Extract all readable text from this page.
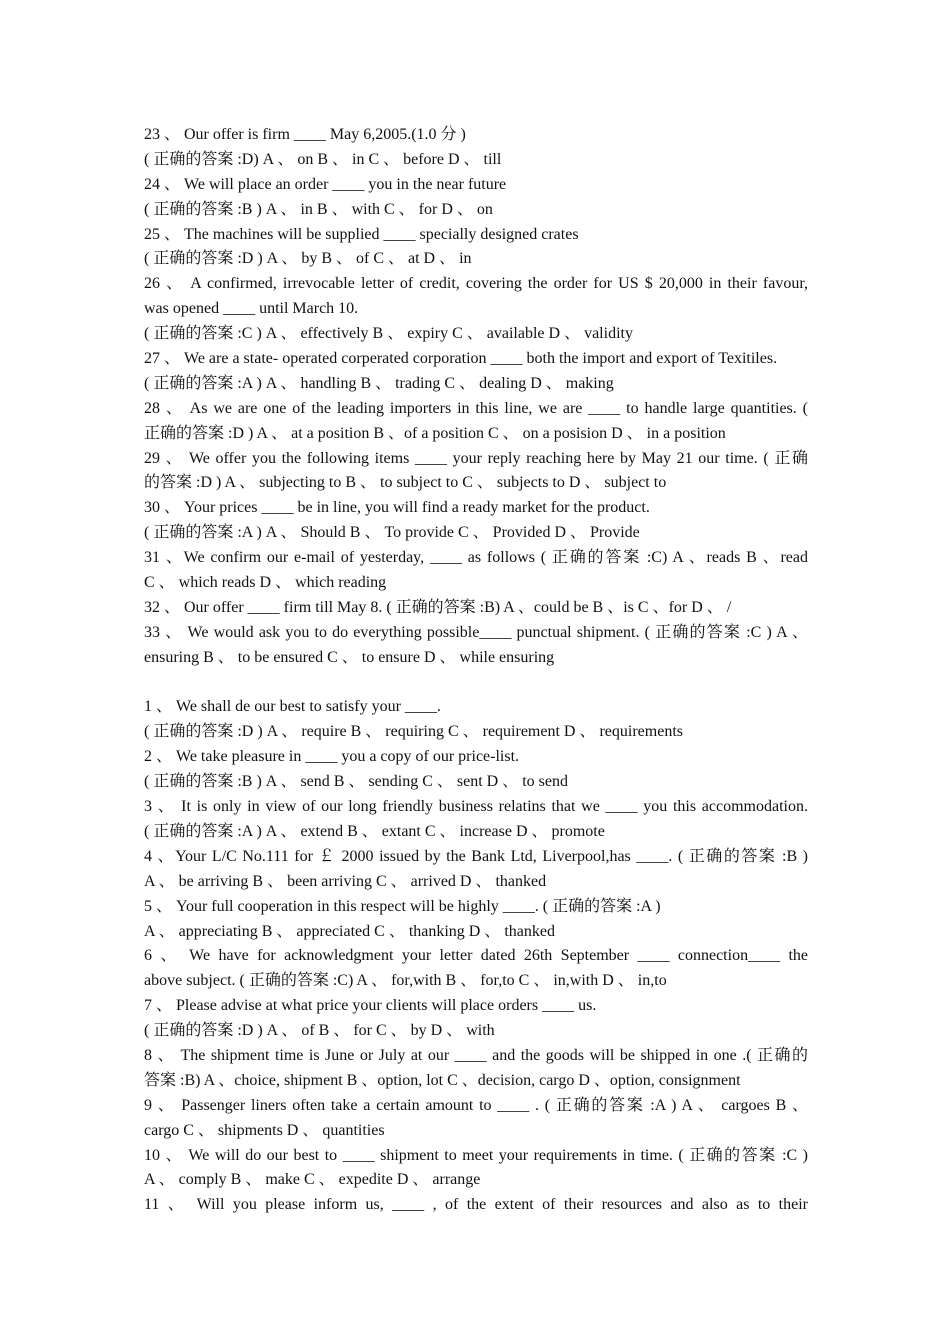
23 、 Our offer is firm ____ May 6,2005.(1.0 分 )
( 正确的答案 :D) A 、 on B 、 in C 、 before D 、 till
24 、 We will place an order ____ you in the near future
( 正确的答案 :B ) A 、 in B 、 with C 、 for D 、 on
25 、 The machines will be supplied ____ specially designed crates
( 正确的答案 :D ) A 、 by B 、 of C 、 at D 、 in
26 、 A confirmed, irrevocable letter of credit, covering the order for US $ 20,000 in their favour,
was opened ____ until March 10.
( 正确的答案 :C ) A 、 effectively B 、 expiry C 、 available D 、 validity
27 、 We are a state- operated corperated corporation ____ both the import and export of Texitiles.
( 正确的答案 :A ) A 、 handling B 、 trading C 、 dealing D 、 making
28 、 As we are one of the leading importers in this line, we are ____ to handle large quantities. (
正确的答案 :D ) A 、 at a position B 、of a position C 、 on a posision D 、 in a position
29 、 We offer you the following items ____ your reply reaching here by May 21 our time. ( 正确
的答案 :D ) A 、 subjecting to B 、 to subject to C 、 subjects to D 、 subject to
30 、 Your prices ____ be in line, you will find a ready market for the product.
( 正确的答案 :A ) A 、 Should B 、 To provide C 、 Provided D 、 Provide
31 、We confirm our e-mail of yesterday, ____ as follows ( 正确的答案 :C) A 、reads B 、read
C 、 which reads D 、 which reading
32 、 Our offer ____ firm till May 8. ( 正确的答案 :B) A 、could be B 、is C 、for D 、 /
33 、 We would ask you to do everything possible____ punctual shipment. ( 正确的答案 :C ) A 、
ensuring B 、 to be ensured C 、 to ensure D 、 while ensuring
1 、 We shall de our best to satisfy your ____.
( 正确的答案 :D ) A 、 require B 、 requiring C 、 requirement D 、 requirements
2 、 We take pleasure in ____ you a copy of our price-list.
( 正确的答案 :B ) A 、 send B 、 sending C 、 sent D 、 to send
3 、 It is only in view of our long friendly business relatins that we ____ you this accommodation.
( 正确的答案 :A ) A 、 extend B 、 extant C 、 increase D 、 promote
4 、Your L/C No.111 for ￡ 2000 issued by the Bank Ltd, Liverpool,has ____. ( 正确的答案 :B )
A 、 be arriving B 、 been arriving C 、 arrived D 、 thanked
5 、 Your full cooperation in this respect will be highly ____. ( 正确的答案 :A )
A 、 appreciating B 、 appreciated C 、 thanking D 、 thanked
6 、 We have for acknowledgment your letter dated 26th September ____ connection____ the
above subject. ( 正确的答案 :C) A 、 for,with B 、 for,to C 、 in,with D 、 in,to
7 、 Please advise at what price your clients will place orders ____ us.
( 正确的答案 :D ) A 、 of B 、 for C 、 by D 、 with
8 、 The shipment time is June or July at our ____ and the goods will be shipped in one .( 正确的
答案 :B) A 、choice, shipment B 、option, lot C 、decision, cargo D 、option, consignment
9 、 Passenger liners often take a certain amount to ____ . ( 正确的答案 :A ) A 、 cargoes B 、
cargo C 、 shipments D 、 quantities
10 、 We will do our best to ____ shipment to meet your requirements in time. ( 正确的答案 :C )
A 、 comply B 、 make C 、 expedite D 、 arrange
11 、 Will you please inform us, ____ , of the extent of their resources and also as to their
